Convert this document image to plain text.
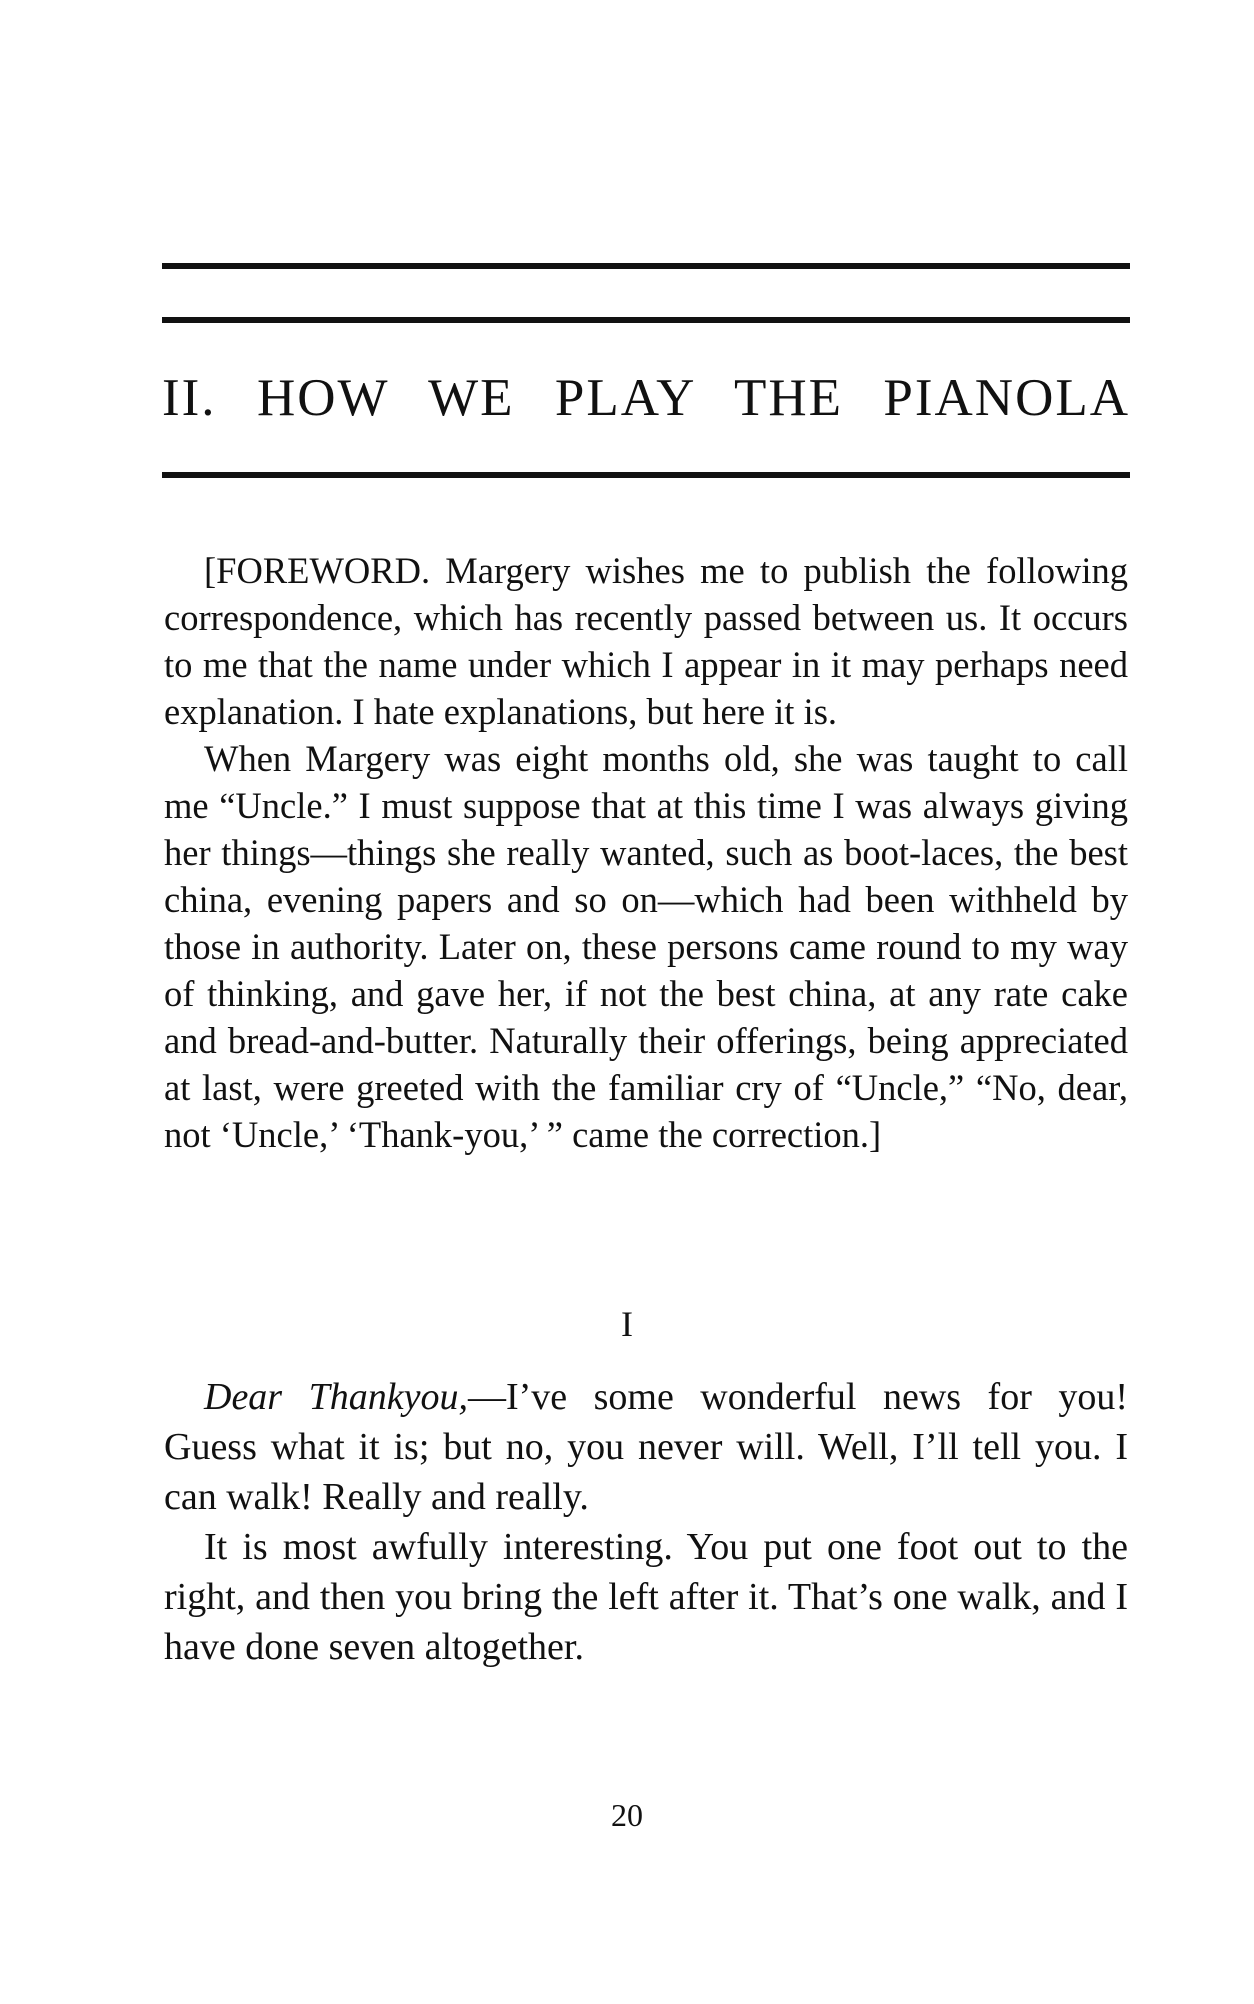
II. HOW WE PLAY THE PIANOLA

[FOREWORD. Margery wishes me to publish the following correspondence, which has recently passed between us. It occurs to me that the name under which I appear in it may perhaps need explanation. I hate explanations, but here it is.

When Margery was eight months old, she was taught to call me “Uncle.” I must suppose that at this time I was always giving her things—things she really wanted, such as boot-laces, the best china, evening papers and so on—which had been withheld by those in authority. Later on, these persons came round to my way of thinking, and gave her, if not the best china, at any rate cake and bread-and-butter. Naturally their offerings, being appreciated at last, were greeted with the familiar cry of “Uncle,” “No, dear, not ‘Uncle,’ ‘Thank-you,’ ” came the correction.]

I

Dear Thankyou,—I’ve some wonderful news for you! Guess what it is; but no, you never will. Well, I’ll tell you. I can walk! Really and really.

It is most awfully interesting. You put one foot out to the right, and then you bring the left after it. That’s one walk, and I have done seven altogether.

20
